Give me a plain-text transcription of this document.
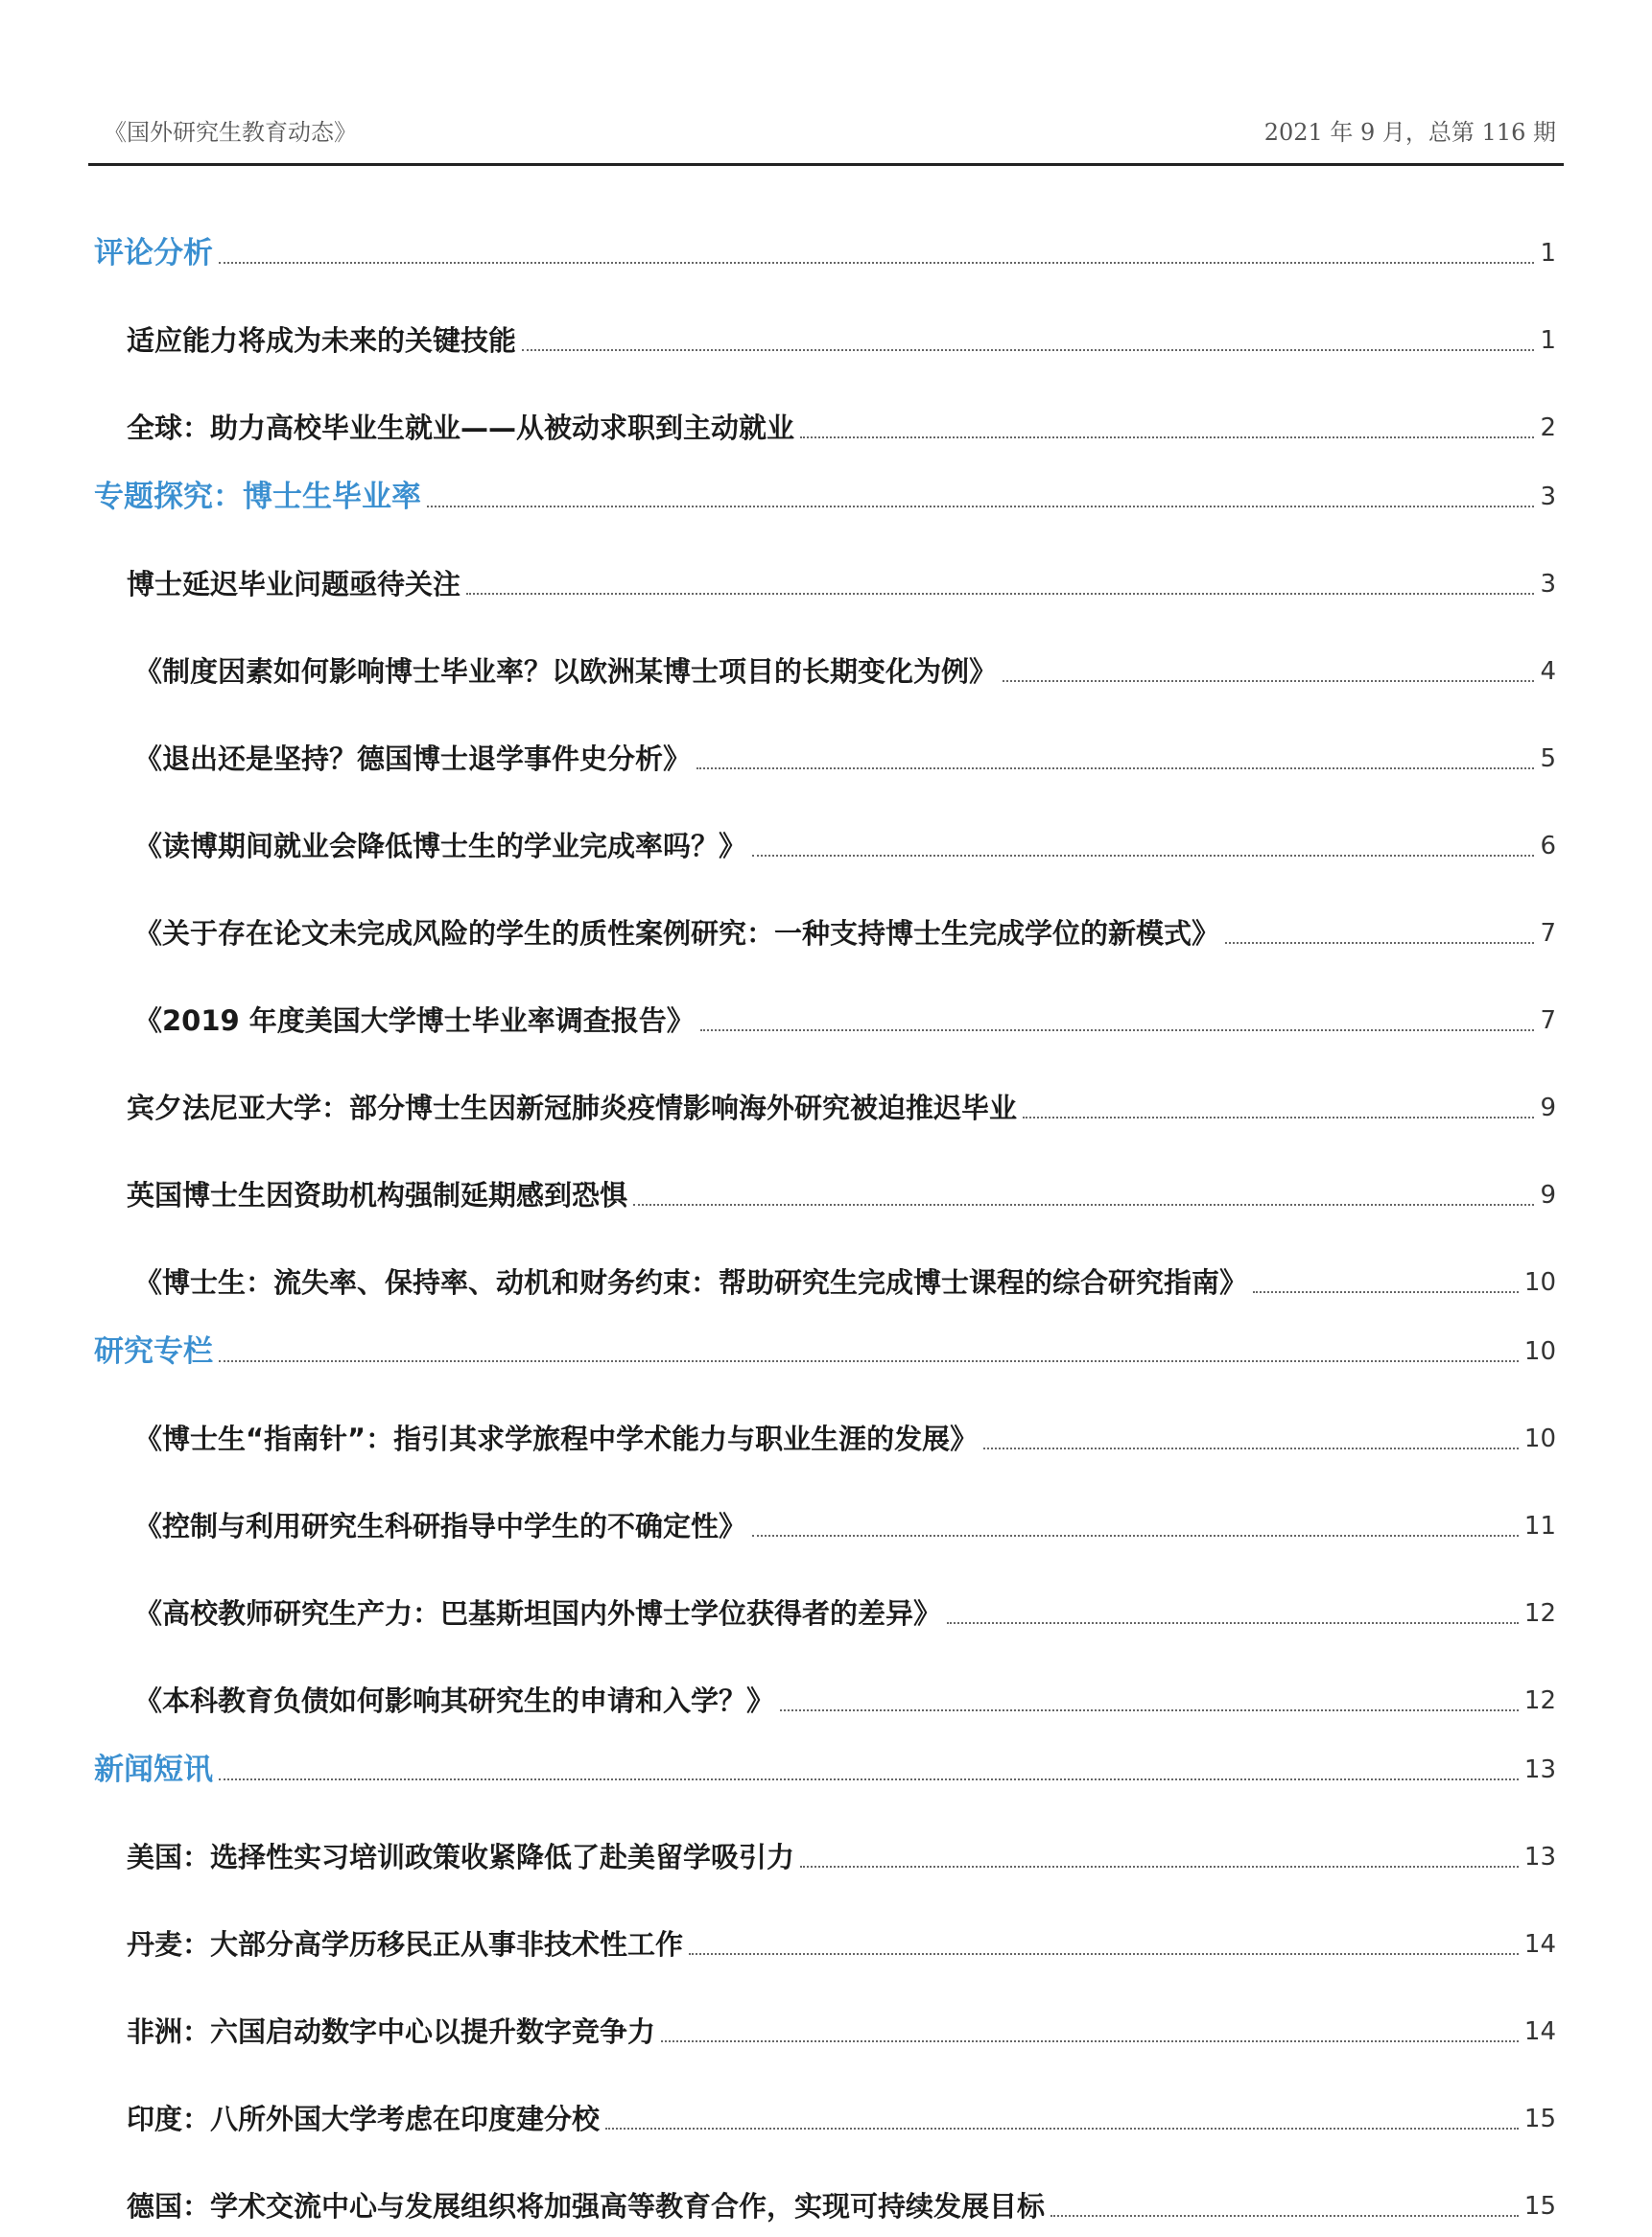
《国外研究生教育动态》	2021 年 9 月，总第 116 期
评论分析	1
适应能力将成为未来的关键技能	1
全球：助力高校毕业生就业——从被动求职到主动就业	2
专题探究：博士生毕业率	3
博士延迟毕业问题亟待关注	3
《制度因素如何影响博士毕业率？以欧洲某博士项目的长期变化为例》	4
《退出还是坚持？德国博士退学事件史分析》	5
《读博期间就业会降低博士生的学业完成率吗？》	6
《关于存在论文未完成风险的学生的质性案例研究：一种支持博士生完成学位的新模式》	7
《2019 年度美国大学博士毕业率调查报告》	7
宾夕法尼亚大学：部分博士生因新冠肺炎疫情影响海外研究被迫推迟毕业	9
英国博士生因资助机构强制延期感到恐惧	9
《博士生：流失率、保持率、动机和财务约束：帮助研究生完成博士课程的综合研究指南》	10
研究专栏	10
《博士生“指南针”：指引其求学旅程中学术能力与职业生涯的发展》	10
《控制与利用研究生科研指导中学生的不确定性》	11
《高校教师研究生产力：巴基斯坦国内外博士学位获得者的差异》	12
《本科教育负债如何影响其研究生的申请和入学？》	12
新闻短讯	13
美国：选择性实习培训政策收紧降低了赴美留学吸引力	13
丹麦：大部分高学历移民正从事非技术性工作	14
非洲：六国启动数字中心以提升数字竞争力	14
印度：八所外国大学考虑在印度建分校	15
德国：学术交流中心与发展组织将加强高等教育合作，实现可持续发展目标	15
